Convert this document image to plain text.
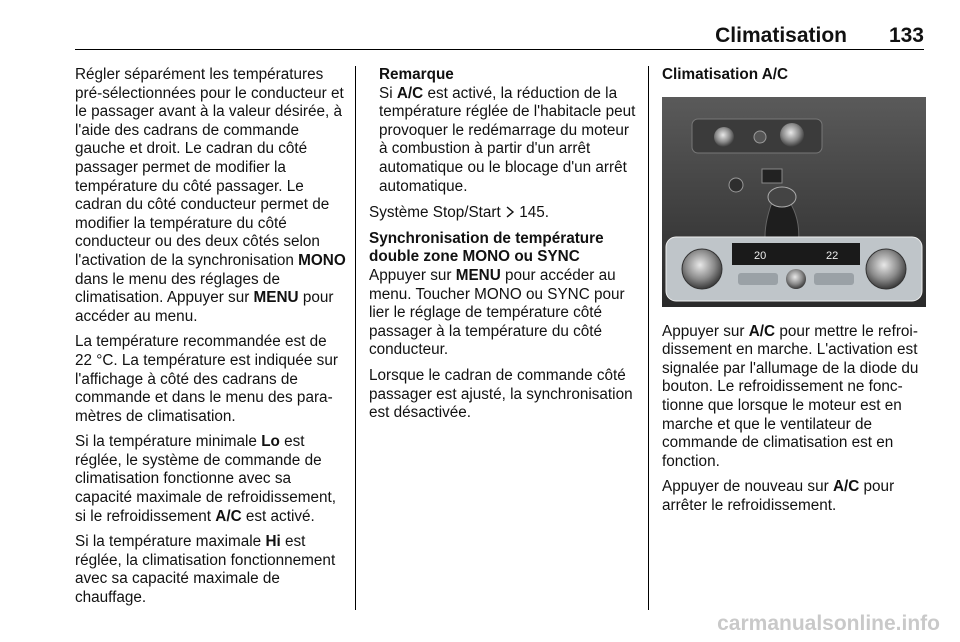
Climatisation 133

Régler séparément les températures pré-sélectionnées pour le conducteur et le passager avant à la valeur désirée, à l'aide des cadrans de commande gauche et droit. Le cadran du côté passager permet de modifier la température du côté passager. Le cadran du côté conducteur permet de modifier la température du côté conducteur ou des deux côtés selon l'activation de la synchronisation MONO dans le menu des réglages de climatisation. Appuyer sur MENU pour accéder au menu.

La température recommandée est de 22 °C. La température est indiquée sur l'affichage à côté des cadrans de commande et dans le menu des paramètres de climatisation.

Si la température minimale Lo est réglée, le système de commande de climatisation fonctionne avec sa capacité maximale de refroidissement, si le refroidissement A/C est activé.

Si la température maximale Hi est réglée, la climatisation fonctionnement avec sa capacité maximale de chauffage.

Remarque
Si A/C est activé, la réduction de la température réglée de l'habitacle peut provoquer le redémarrage du moteur à combustion à partir d'un arrêt automatique ou le blocage d'un arrêt automatique.

Système Stop/Start  145.

Synchronisation de température double zone MONO ou SYNC

Appuyer sur MENU pour accéder au menu. Toucher MONO ou SYNC pour lier le réglage de température côté passager à la température du côté conducteur.

Lorsque le cadran de commande côté passager est ajusté, la synchronisation est désactivée.

Climatisation A/C
20	22

Appuyer sur A/C pour mettre le refroidissement en marche. L'activation est signalée par l'allumage de la diode du bouton. Le refroidissement ne fonctionne que lorsque le moteur est en marche et que le ventilateur de commande de climatisation est en fonction.

Appuyer de nouveau sur A/C pour arrêter le refroidissement.

carmanualsonline.info
